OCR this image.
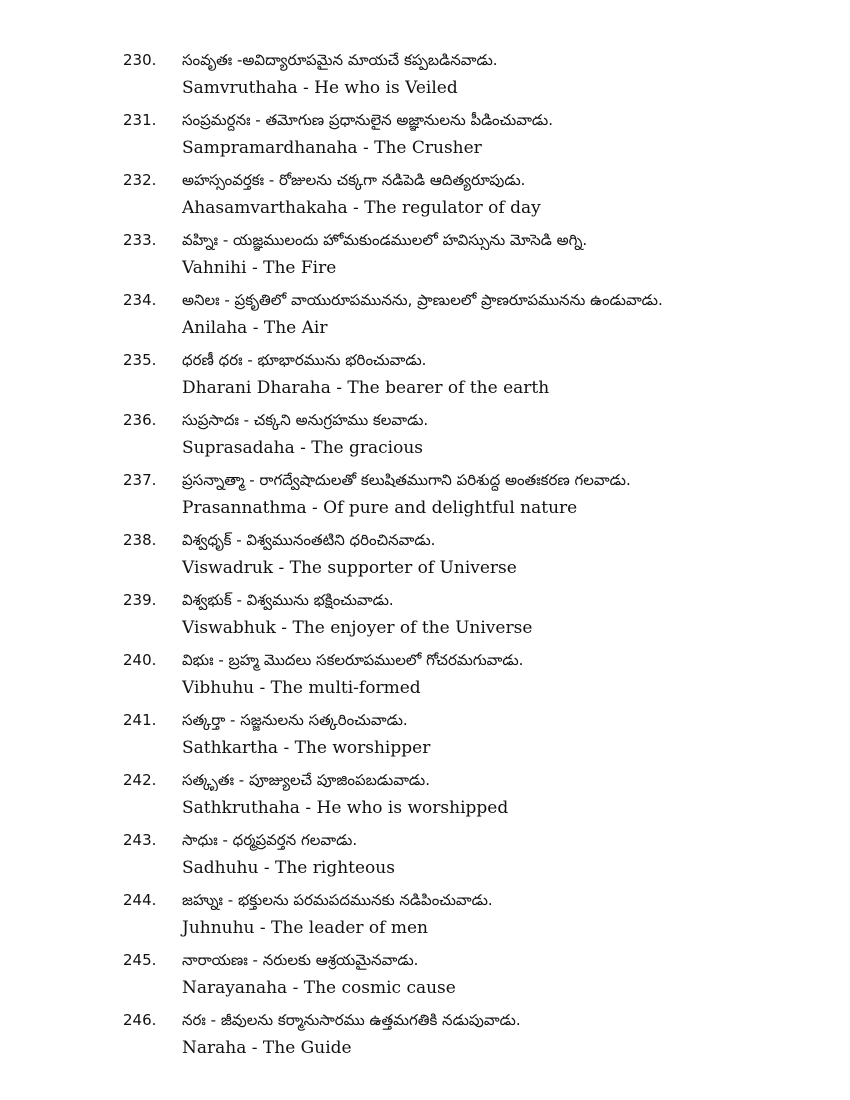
230. సంవృతః -అవిద్యారూపమైన మాయచే కప్పబడినవాడు.
Samvruthaha - He who is Veiled
231. సంప్రమర్దనః - తమోగుణ ప్రధానులైన అజ్ఞానులను పీడించువాడు.
Sampramardhanaha - The Crusher
232. అహస్సంవర్తకః - రోజులను చక్కగా నడిపెడి ఆదిత్యరూపుడు.
Ahasamvarthakaha - The regulator of day
233. వహ్నిః - యజ్ఞములందు హోమకుండములలో హవిస్సును మోసెడి అగ్ని.
Vahnihi - The Fire
234. అనిలః - ప్రకృతిలో వాయురూపమునను, ప్రాణులలో ప్రాణరూపమునను ఉండువాడు.
Anilaha - The Air
235. ధరణీ ధరః - భూభారమును భరించువాడు.
Dharani Dharaha - The bearer of the earth
236. సుప్రసాదః - చక్కని అనుగ్రహము కలవాడు.
Suprasadaha - The gracious
237. ప్రసన్నాత్మా - రాగద్వేషాదులతో కలుషితముగాని పరిశుద్ధ అంతఃకరణ గలవాడు.
Prasannathma - Of pure and delightful nature
238. విశ్వధృక్ - విశ్వమునంతటిని ధరించినవాడు.
Viswadruk - The supporter of Universe
239. విశ్వభుక్ - విశ్వమును భక్షించువాడు.
Viswabhuk - The enjoyer of the Universe
240. విభుః - బ్రహ్మ మొదలు సకలరూపములలో గోచరమగువాడు.
Vibhuhu - The multi-formed
241. సత్కర్తా - సజ్జనులను సత్కరించువాడు.
Sathkartha - The worshipper
242. సత్కృతః - పూజ్యులచే పూజింపబడువాడు.
Sathkruthaha - He who is worshipped
243. సాధుః - ధర్మప్రవర్తన గలవాడు.
Sadhuhu - The righteous
244. జహ్నుః - భక్తులను పరమపదమునకు నడిపించువాడు.
Juhnuhu - The leader of men
245. నారాయణః - నరులకు ఆశ్రయమైనవాడు.
Narayanaha - The cosmic cause
246. నరః - జీవులను కర్మానుసారము ఉత్తమగతికి నడుపువాడు.
Naraha - The Guide
